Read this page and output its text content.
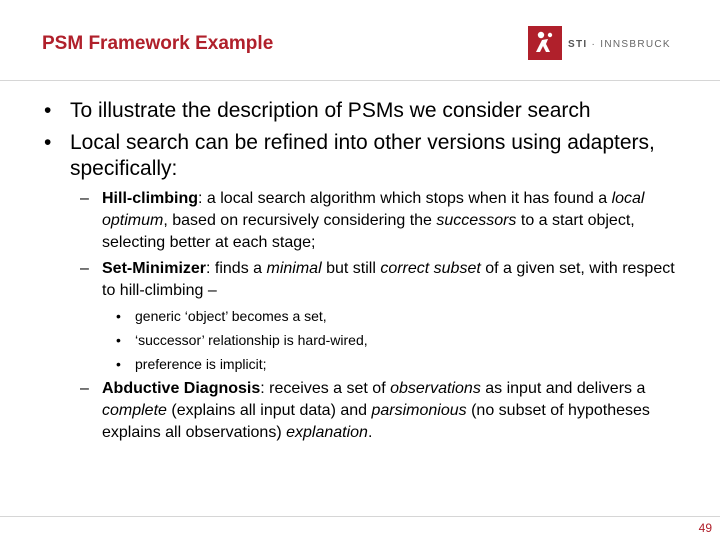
PSM Framework Example	STI · INNSBRUCK
• To illustrate the description of PSMs we consider search
• Local search can be refined into other versions using adapters, specifically:
– Hill-climbing: a local search algorithm which stops when it has found a local optimum, based on recursively considering the successors to a start object, selecting better at each stage;
– Set-Minimizer: finds a minimal but still correct subset of a given set, with respect to hill-climbing –
• generic ‘object’ becomes a set,
• ‘successor’ relationship is hard-wired,
• preference is implicit;
– Abductive Diagnosis: receives a set of observations as input and delivers a complete (explains all input data) and parsimonious (no subset of hypotheses explains all observations) explanation.
49
